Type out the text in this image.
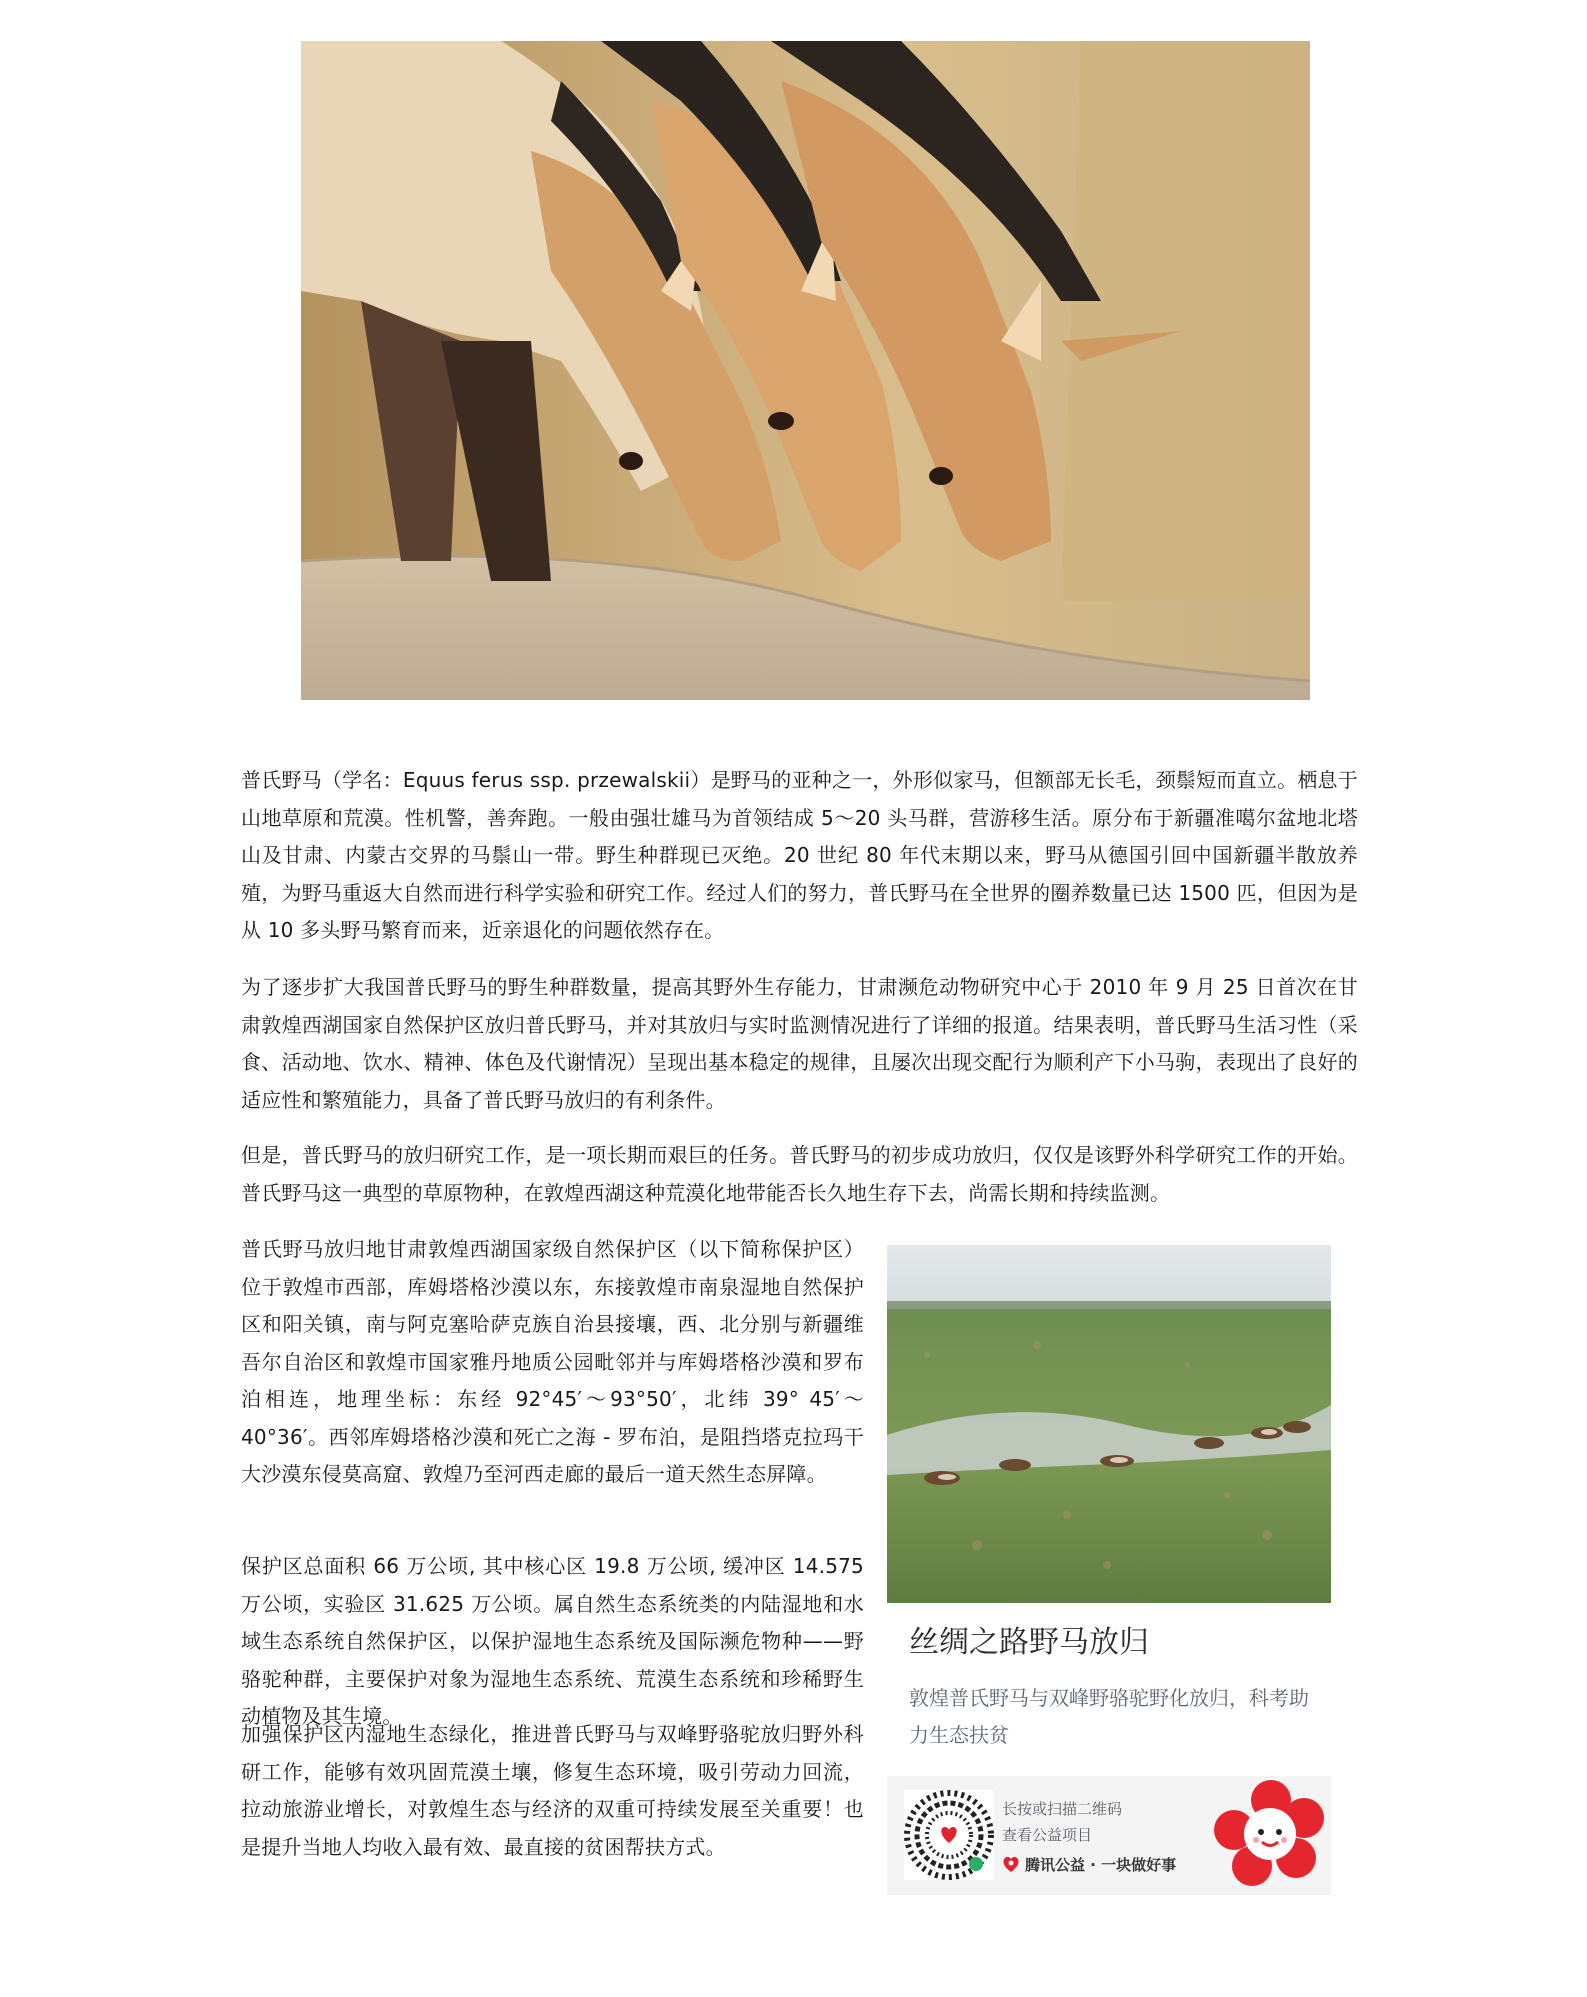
普氏野马（学名：Equus ferus ssp. przewalskii）是野马的亚种之一，外形似家马，但额部无长毛，颈鬃短而直立。栖息于山地草原和荒漠。性机警，善奔跑。一般由强壮雄马为首领结成 5～20 头马群，营游移生活。原分布于新疆准噶尔盆地北塔山及甘肃、内蒙古交界的马鬃山一带。野生种群现已灭绝。20 世纪 80 年代末期以来，野马从德国引回中国新疆半散放养殖，为野马重返大自然而进行科学实验和研究工作。经过人们的努力，普氏野马在全世界的圈养数量已达 1500 匹，但因为是从 10 多头野马繁育而来，近亲退化的问题依然存在。

为了逐步扩大我国普氏野马的野生种群数量，提高其野外生存能力，甘肃濒危动物研究中心于 2010 年 9 月 25 日首次在甘肃敦煌西湖国家自然保护区放归普氏野马，并对其放归与实时监测情况进行了详细的报道。结果表明，普氏野马生活习性（采食、活动地、饮水、精神、体色及代谢情况）呈现出基本稳定的规律，且屡次出现交配行为顺利产下小马驹，表现出了良好的适应性和繁殖能力，具备了普氏野马放归的有利条件。

但是，普氏野马的放归研究工作，是一项长期而艰巨的任务。普氏野马的初步成功放归，仅仅是该野外科学研究工作的开始。普氏野马这一典型的草原物种，在敦煌西湖这种荒漠化地带能否长久地生存下去，尚需长期和持续监测。

普氏野马放归地甘肃敦煌西湖国家级自然保护区（以下简称保护区）位于敦煌市西部，库姆塔格沙漠以东，东接敦煌市南泉湿地自然保护区和阳关镇，南与阿克塞哈萨克族自治县接壤，西、北分别与新疆维吾尔自治区和敦煌市国家雅丹地质公园毗邻并与库姆塔格沙漠和罗布泊相连，地理坐标：东经 92°45′～93°50′，北纬 39° 45′～40°36′。西邻库姆塔格沙漠和死亡之海 - 罗布泊，是阻挡塔克拉玛干大沙漠东侵莫高窟、敦煌乃至河西走廊的最后一道天然生态屏障。

保护区总面积 66 万公顷, 其中核心区 19.8 万公顷, 缓冲区 14.575 万公顷，实验区 31.625 万公顷。属自然生态系统类的内陆湿地和水域生态系统自然保护区，以保护湿地生态系统及国际濒危物种——野骆驼种群，主要保护对象为湿地生态系统、荒漠生态系统和珍稀野生动植物及其生境。

加强保护区内湿地生态绿化，推进普氏野马与双峰野骆驼放归野外科研工作，能够有效巩固荒漠土壤，修复生态环境，吸引劳动力回流，拉动旅游业增长，对敦煌生态与经济的双重可持续发展至关重要！也是提升当地人均收入最有效、最直接的贫困帮扶方式。

丝绸之路野马放归

敦煌普氏野马与双峰野骆驼野化放归，科考助力生态扶贫

长按或扫描二维码
查看公益项目
腾讯公益 · 一块做好事
